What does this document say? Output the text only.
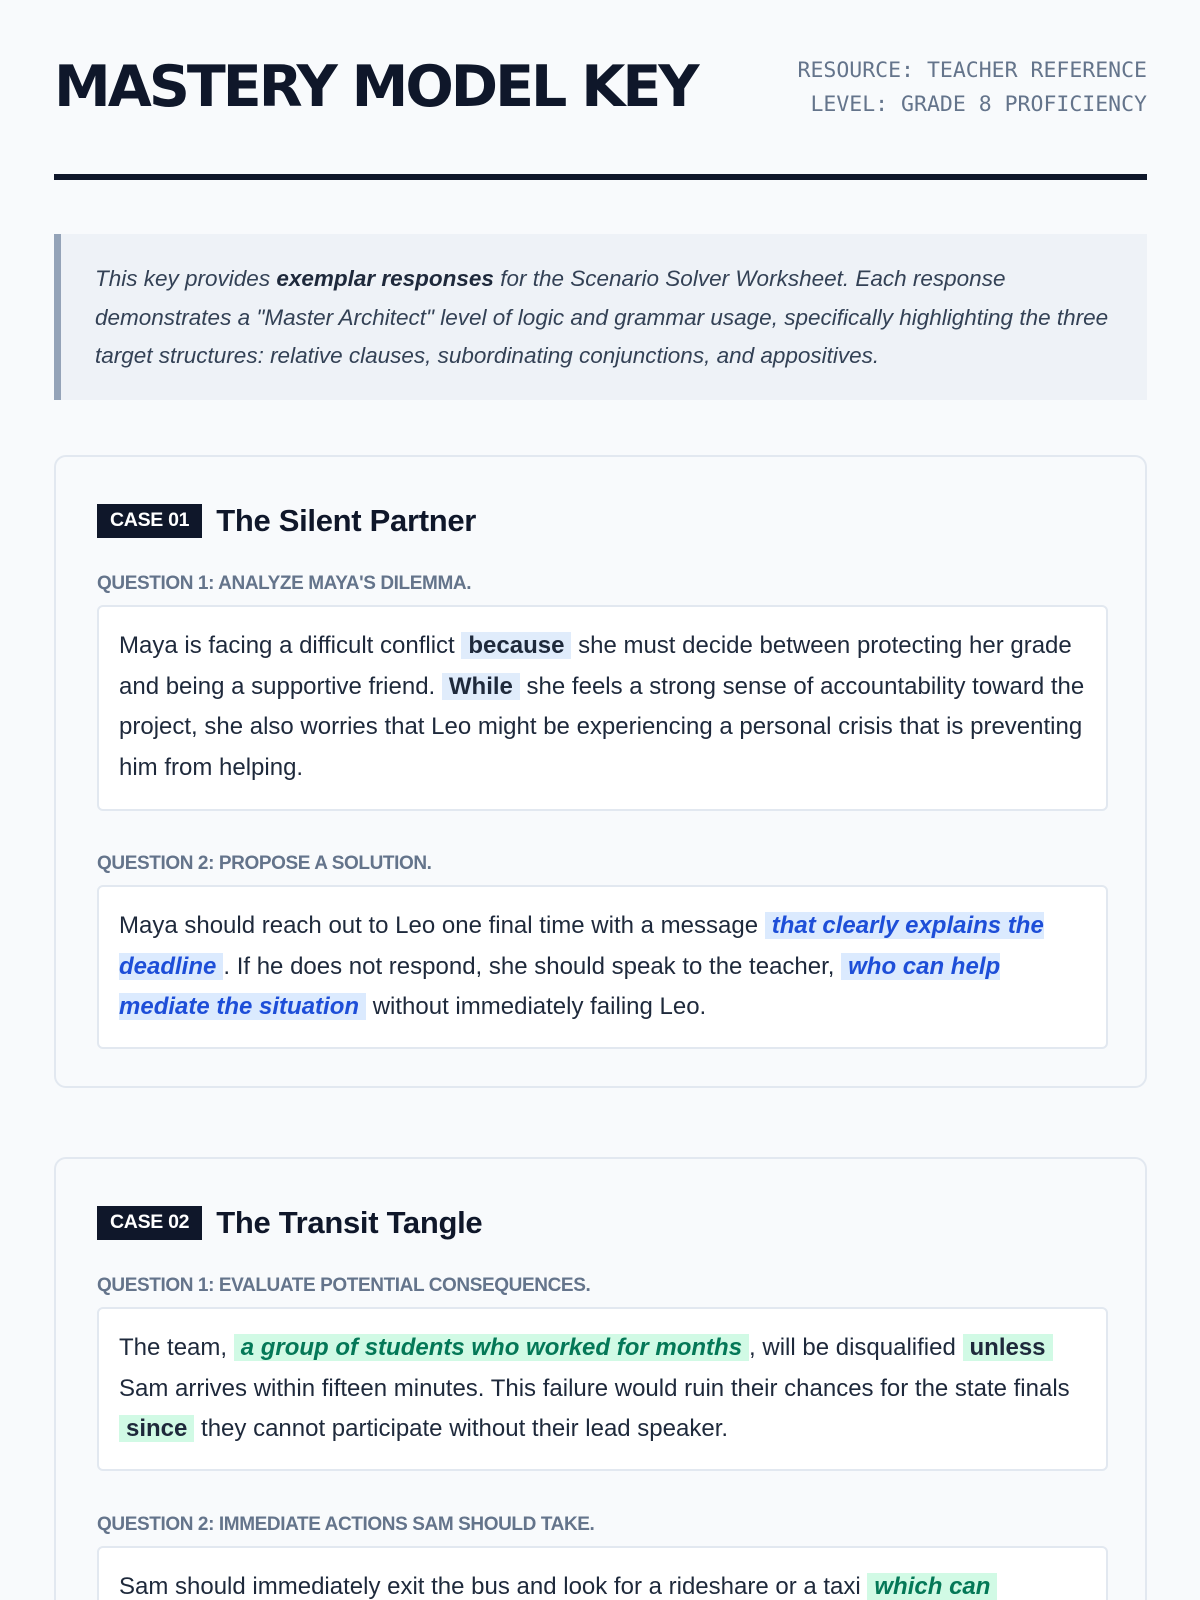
MASTERY MODEL KEY	RESOURCE: TEACHER REFERENCE
LEVEL: GRADE 8 PROFICIENCY
This key provides exemplar responses for the Scenario Solver Worksheet. Each response demonstrates a "Master Architect" level of logic and grammar usage, specifically highlighting the three target structures: relative clauses, subordinating conjunctions, and appositives.
CASE 01 The Silent Partner
QUESTION 1: ANALYZE MAYA'S DILEMMA.
Maya is facing a difficult conflict because she must decide between protecting her grade and being a supportive friend. While she feels a strong sense of accountability toward the project, she also worries that Leo might be experiencing a personal crisis that is preventing him from helping.
QUESTION 2: PROPOSE A SOLUTION.
Maya should reach out to Leo one final time with a message that clearly explains the deadline . If he does not respond, she should speak to the teacher, who can help mediate the situation without immediately failing Leo.
CASE 02 The Transit Tangle
QUESTION 1: EVALUATE POTENTIAL CONSEQUENCES.
The team, a group of students who worked for months , will be disqualified unless Sam arrives within fifteen minutes. This failure would ruin their chances for the state finals since they cannot participate without their lead speaker.
QUESTION 2: IMMEDIATE ACTIONS SAM SHOULD TAKE.
Sam should immediately exit the bus and look for a rideshare or a taxi which can
